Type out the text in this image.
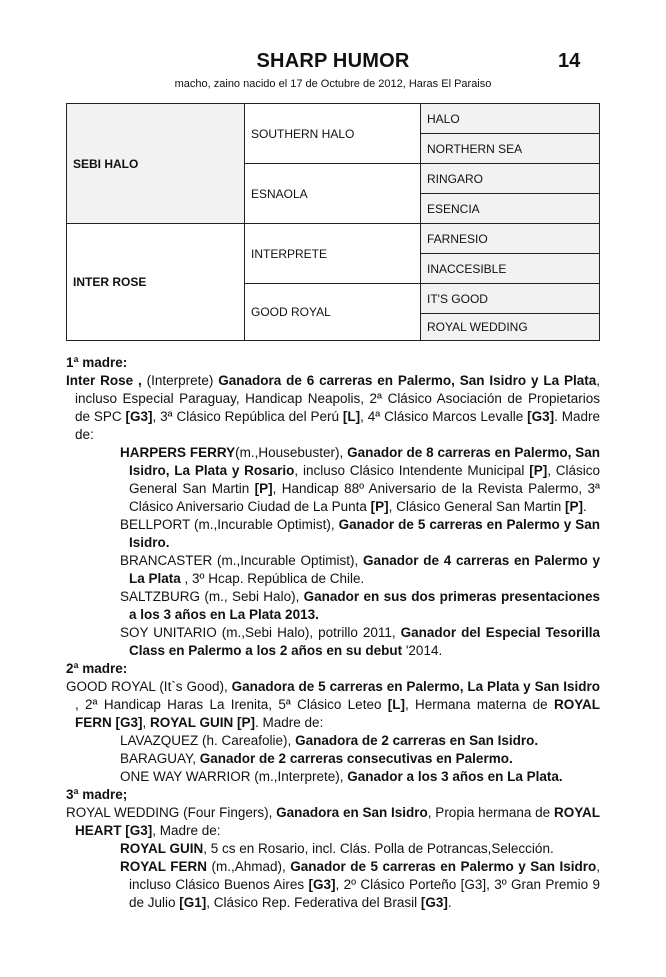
SHARP HUMOR	14
macho, zaino nacido el 17 de Octubre de 2012, Haras El Paraiso
SEBI HALO	SOUTHERN HALO	HALO
		NORTHERN SEA
	ESNAOLA	RINGARO
		ESENCIA
INTER ROSE	INTERPRETE	FARNESIO
		INACCESIBLE
	GOOD ROYAL	IT'S GOOD
		ROYAL WEDDING

1ª madre:

Inter Rose , (Interprete) Ganadora de 6 carreras en Palermo, San Isidro y La Plata, incluso Especial Paraguay, Handicap Neapolis, 2ª Clásico Asociación de Propietarios de SPC [G3], 3ª Clásico República del Perú [L], 4ª Clásico Marcos Levalle [G3]. Madre de:

HARPERS FERRY(m.,Housebuster), Ganador de 8 carreras en Palermo, San Isidro, La Plata y Rosario, incluso Clásico Intendente Municipal [P], Clásico General San Martin [P], Handicap 88º Aniversario de la Revista Palermo, 3ª Clásico Aniversario Ciudad de La Punta [P], Clásico General San Martin [P].

BELLPORT (m.,Incurable Optimist), Ganador de 5 carreras en Palermo y San Isidro.

BRANCASTER (m.,Incurable Optimist), Ganador de 4 carreras en Palermo y La Plata , 3º Hcap. República de Chile.

SALTZBURG (m., Sebi Halo), Ganador en sus dos primeras presentaciones a los 3 años en La Plata 2013.

SOY UNITARIO (m.,Sebi Halo), potrillo 2011, Ganador del Especial Tesorilla Class en Palermo a los 2 años en su debut '2014.

2ª madre:

GOOD ROYAL (It`s Good), Ganadora de 5 carreras en Palermo, La Plata y San Isidro , 2ª Handicap Haras La Irenita, 5ª Clásico Leteo [L], Hermana materna de ROYAL FERN [G3], ROYAL GUIN [P]. Madre de:

LAVAZQUEZ (h. Careafolie), Ganadora de 2 carreras en San Isidro.

BARAGUAY, Ganador de 2 carreras consecutivas en Palermo.

ONE WAY WARRIOR (m.,Interprete), Ganador a los 3 años en La Plata.

3ª madre;

ROYAL WEDDING (Four Fingers), Ganadora en San Isidro, Propia hermana de ROYAL HEART [G3], Madre de:

ROYAL GUIN, 5 cs en Rosario, incl. Clás. Polla de Potrancas,Selección.

ROYAL FERN (m.,Ahmad), Ganador de 5 carreras en Palermo y San Isidro, incluso Clásico Buenos Aires [G3], 2º Clásico Porteño [G3], 3º Gran Premio 9 de Julio [G1], Clásico Rep. Federativa del Brasil [G3].
